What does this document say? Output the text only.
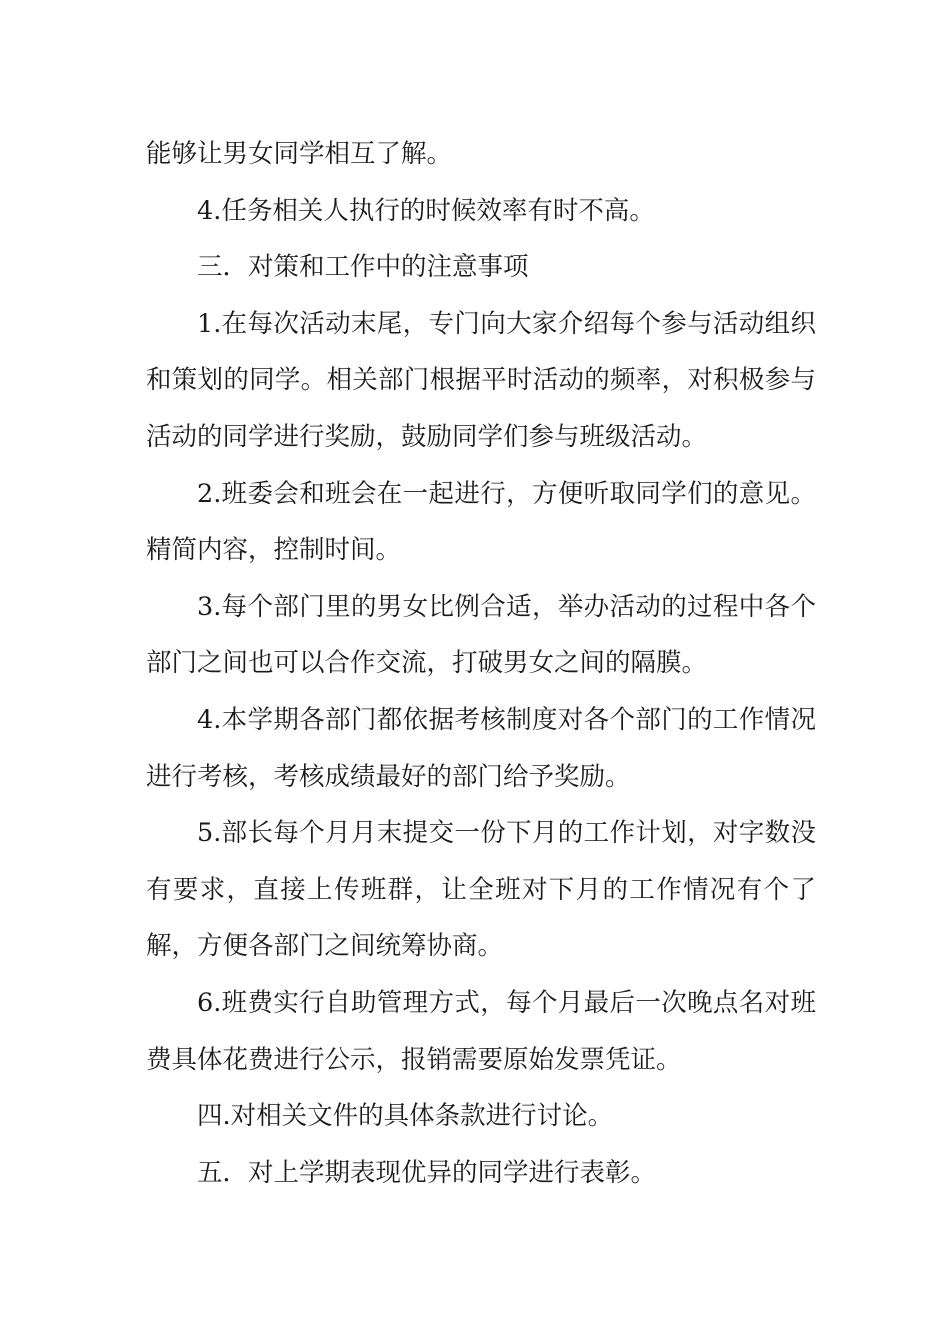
能够让男女同学相互了解。

4.任务相关人执行的时候效率有时不高。

三．对策和工作中的注意事项

1.在每次活动末尾，专门向大家介绍每个参与活动组织和策划的同学。相关部门根据平时活动的频率，对积极参与活动的同学进行奖励，鼓励同学们参与班级活动。

2.班委会和班会在一起进行，方便听取同学们的意见。精简内容，控制时间。

3.每个部门里的男女比例合适，举办活动的过程中各个部门之间也可以合作交流，打破男女之间的隔膜。

4.本学期各部门都依据考核制度对各个部门的工作情况进行考核，考核成绩最好的部门给予奖励。

5.部长每个月月末提交一份下月的工作计划，对字数没有要求，直接上传班群，让全班对下月的工作情况有个了解，方便各部门之间统筹协商。

6.班费实行自助管理方式，每个月最后一次晚点名对班费具体花费进行公示，报销需要原始发票凭证。

四.对相关文件的具体条款进行讨论。

五．对上学期表现优异的同学进行表彰。
